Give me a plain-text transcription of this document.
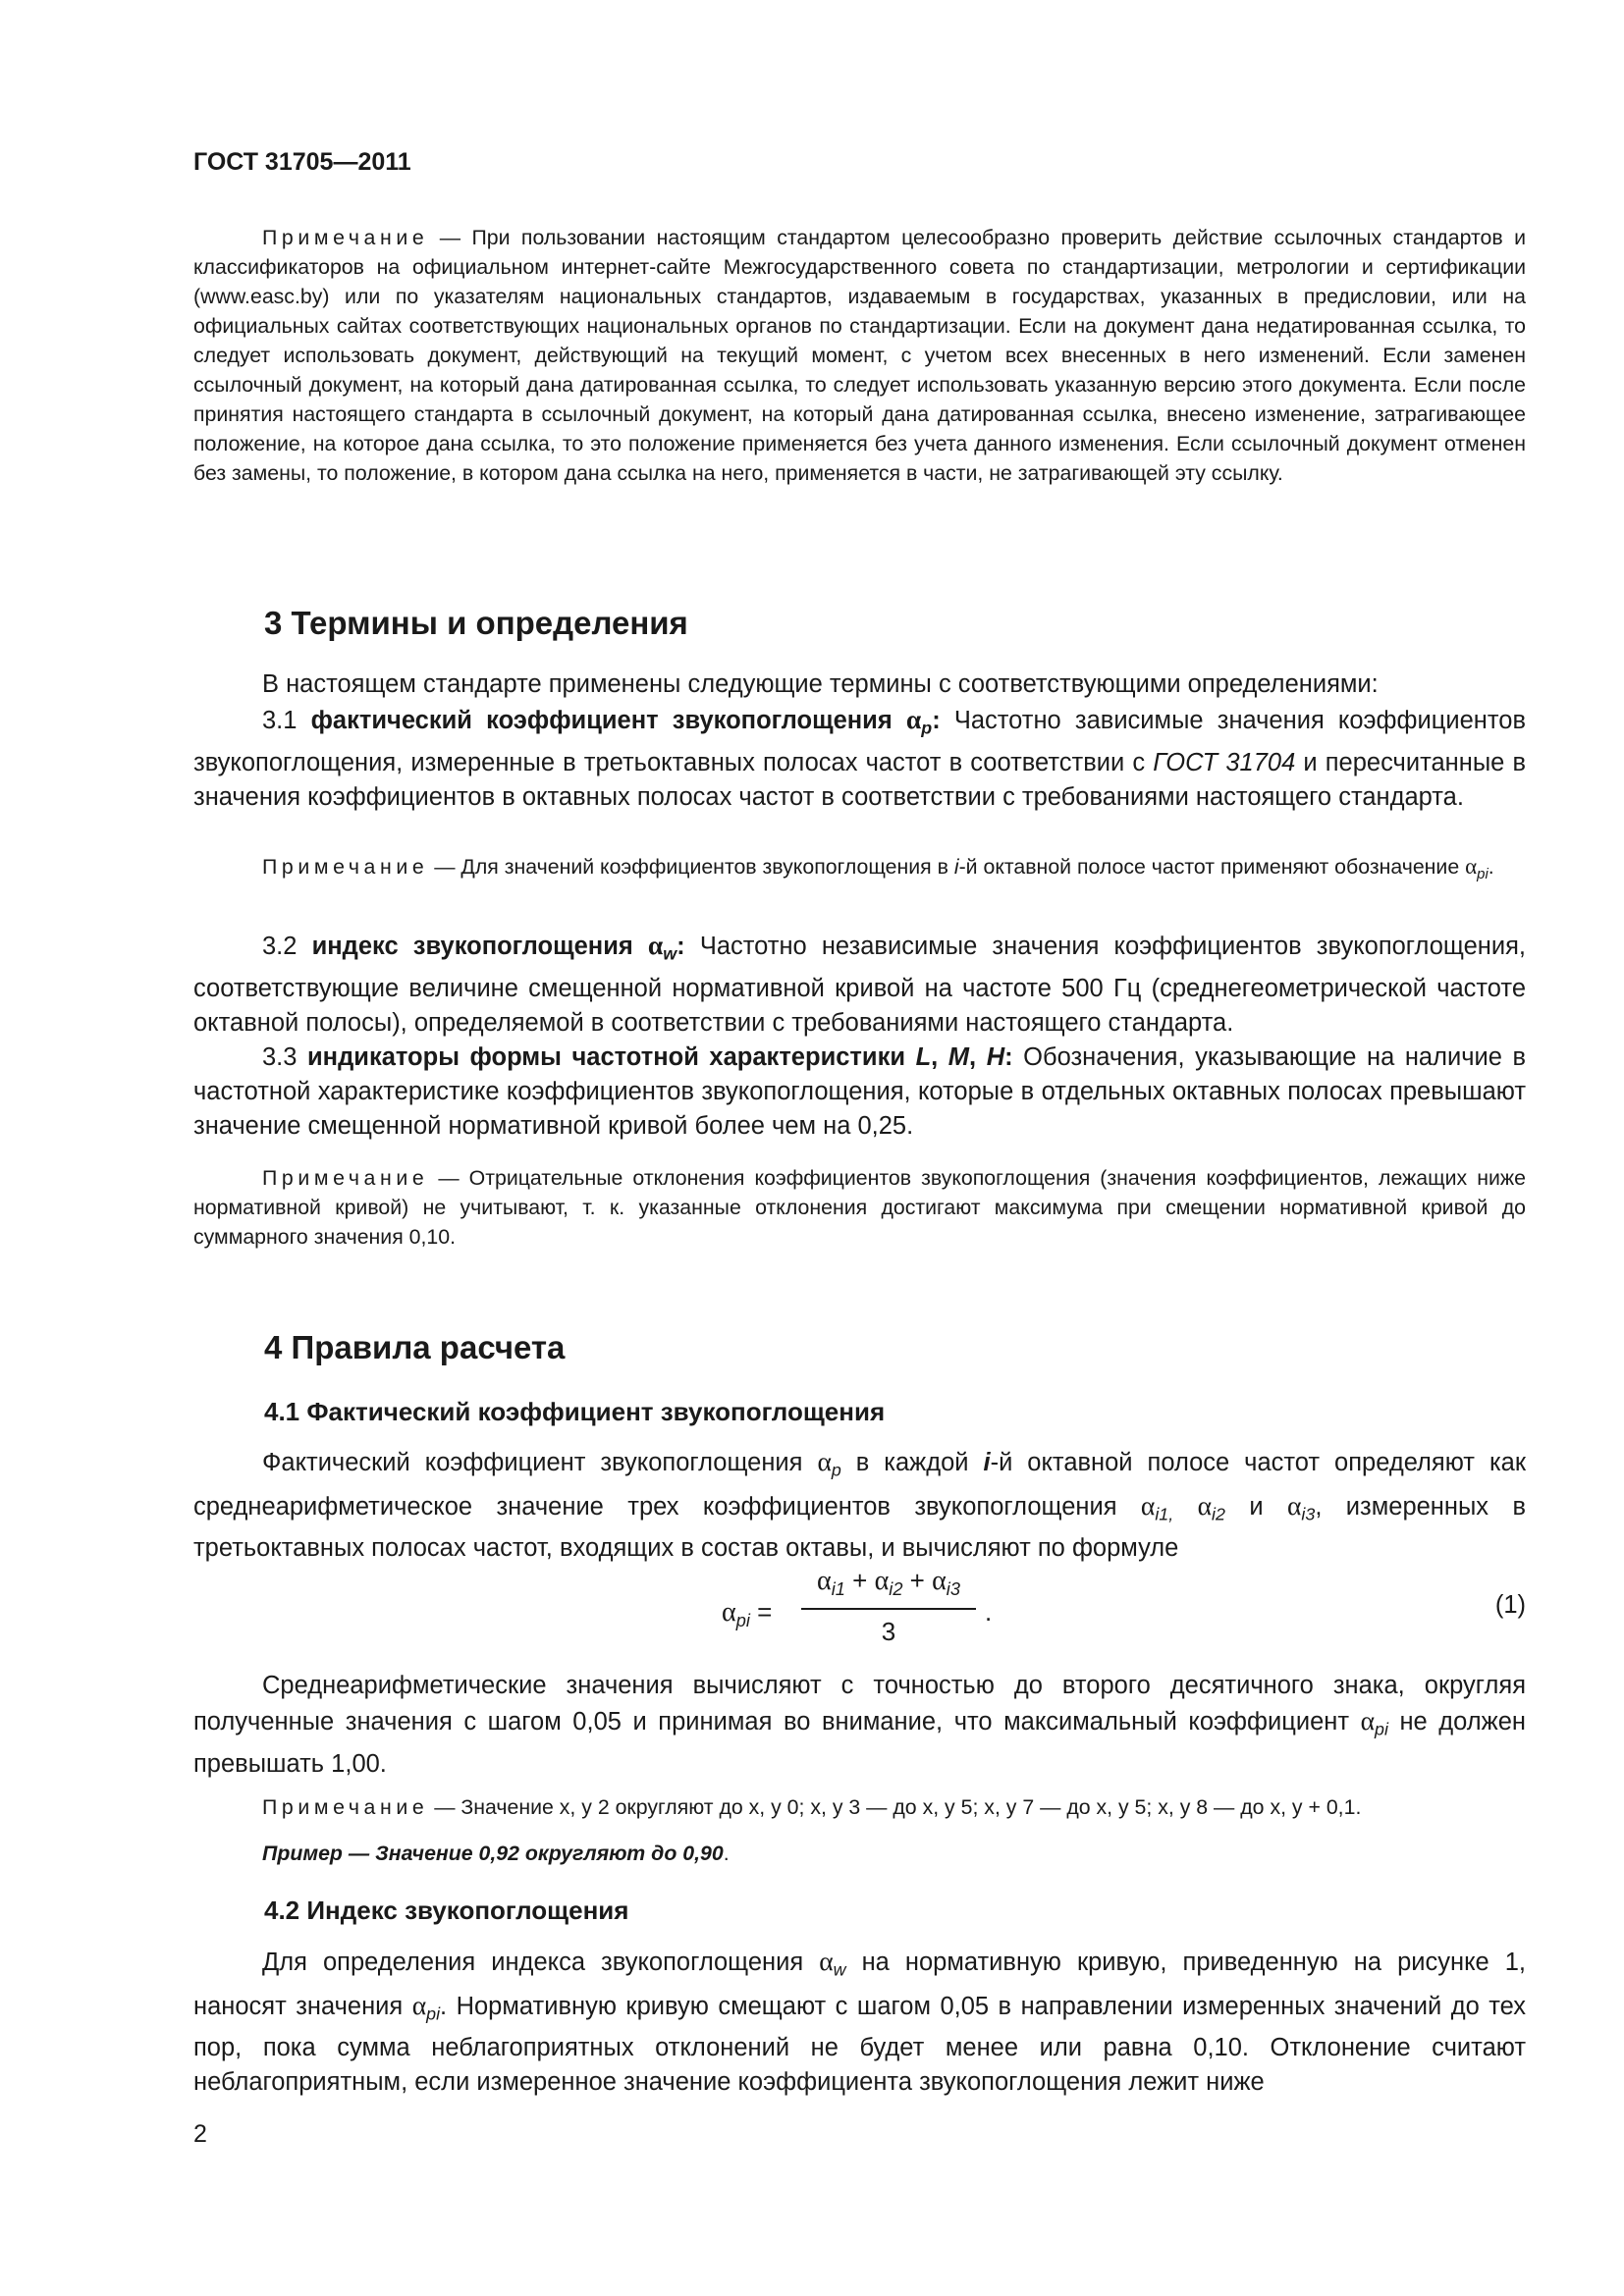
ГОСТ 31705—2011

Примечание — При пользовании настоящим стандартом целесообразно проверить действие ссылочных стандартов и классификаторов на официальном интернет-сайте Межгосударственного совета по стандартизации, метрологии и сертификации (www.easc.by) или по указателям национальных стандартов, издаваемым в государствах, указанных в предисловии, или на официальных сайтах соответствующих национальных органов по стандартизации. Если на документ дана недатированная ссылка, то следует использовать документ, действующий на текущий момент, с учетом всех внесенных в него изменений. Если заменен ссылочный документ, на который дана датированная ссылка, то следует использовать указанную версию этого документа. Если после принятия настоящего стандарта в ссылочный документ, на который дана датированная ссылка, внесено изменение, затрагивающее положение, на которое дана ссылка, то это положение применяется без учета данного изменения. Если ссылочный документ отменен без замены, то положение, в котором дана ссылка на него, применяется в части, не затрагивающей эту ссылку.

3 Термины и определения

В настоящем стандарте применены следующие термины с соответствующими определениями:

3.1 фактический коэффициент звукопоглощения $\alpha_p$: Частотно зависимые значения коэффициентов звукопоглощения, измеренные в третьоктавных полосах частот в соответствии с ГОСТ 31704 и пересчитанные в значения коэффициентов в октавных полосах частот в соответствии с требованиями настоящего стандарта.

Примечание — Для значений коэффициентов звукопоглощения в i-й октавной полосе частот применяют обозначение $\alpha_{pi}$.

3.2 индекс звукопоглощения $\alpha_w$: Частотно независимые значения коэффициентов звукопоглощения, соответствующие величине смещенной нормативной кривой на частоте 500 Гц (среднегеометрической частоте октавной полосы), определяемой в соответствии с требованиями настоящего стандарта.

3.3 индикаторы формы частотной характеристики L, M, H: Обозначения, указывающие на наличие в частотной характеристике коэффициентов звукопоглощения, которые в отдельных октавных полосах превышают значение смещенной нормативной кривой более чем на 0,25.

Примечание — Отрицательные отклонения коэффициентов звукопоглощения (значения коэффициентов, лежащих ниже нормативной кривой) не учитывают, т. к. указанные отклонения достигают максимума при смещении нормативной кривой до суммарного значения 0,10.

4 Правила расчета
4.1 Фактический коэффициент звукопоглощения

Фактический коэффициент звукопоглощения $\alpha_p$ в каждой i-й октавной полосе частот определяют как среднеарифметическое значение трех коэффициентов звукопоглощения $\alpha_{i1,}$ $\alpha_{i2}$ и $\alpha_{i3}$, измеренных в третьоктавных полосах частот, входящих в состав октавы, и вычисляют по формуле

$\alpha_{pi}$ =
$\alpha_{i1} + \alpha_{i2} + \alpha_{i3}$
3
.	(1)

Среднеарифметические значения вычисляют с точностью до второго десятичного знака, округляя полученные значения с шагом 0,05 и принимая во внимание, что максимальный коэффициент $\alpha_{pi}$ не должен превышать 1,00.

Примечание — Значение x, y 2 округляют до x, y 0; x, y 3 — до x, y 5; x, y 7 — до x, y 5; x, y 8 — до x, y + 0,1.

Пример — Значение 0,92 округляют до 0,90.

4.2 Индекс звукопоглощения

Для определения индекса звукопоглощения $\alpha_w$ на нормативную кривую, приведенную на рисунке 1, наносят значения $\alpha_{pi}$. Нормативную кривую смещают с шагом 0,05 в направлении измеренных значений до тех пор, пока сумма неблагоприятных отклонений не будет менее или равна 0,10. Отклонение считают неблагоприятным, если измеренное значение коэффициента звукопоглощения лежит ниже

2
